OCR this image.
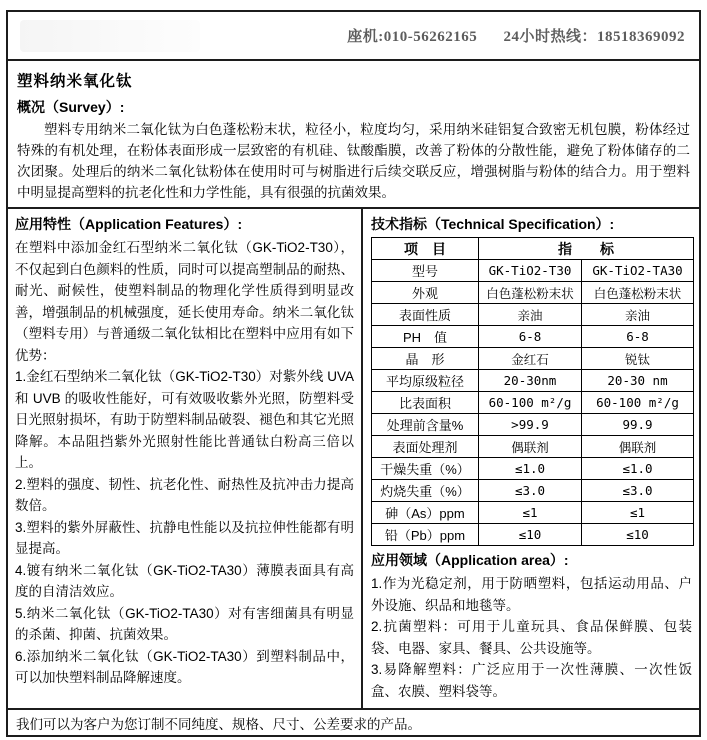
座机:010-56262165 24小时热线：18518369092
塑料纳米氧化钛
概况（Survey）:
塑料专用纳米二氧化钛为白色蓬松粉末状，粒径小，粒度均匀，采用纳米硅铝复合致密无机包膜，粉体经过特殊的有机处理，在粉体表面形成一层致密的有机硅、钛酸酯膜，改善了粉体的分散性能，避免了粉体储存的二次团聚。处理后的纳米二氧化钛粉体在使用时可与树脂进行后续交联反应，增强树脂与粉体的结合力。用于塑料中明显提高塑料的抗老化性和力学性能，具有很强的抗菌效果。
应用特性（Application Features）:
在塑料中添加金红石型纳米二氧化钛（GK-TiO2-T30），不仅起到白色颜料的性质，同时可以提高塑制品的耐热、耐光、耐候性，使塑料制品的物理化学性质得到明显改善，增强制品的机械强度，延长使用寿命。纳米二氧化钛（塑料专用）与普通级二氧化钛相比在塑料中应用有如下优势：

1.金红石型纳米二氧化钛（GK-TiO2-T30）对紫外线 UVA 和 UVB 的吸收性能好，可有效吸收紫外光照，防塑料受日光照射损坏，有助于防塑料制品破裂、褪色和其它光照降解。本品阻挡紫外光照射性能比普通钛白粉高三倍以上。

2.塑料的强度、韧性、抗老化性、耐热性及抗冲击力提高数倍。

3.塑料的紫外屏蔽性、抗静电性能以及抗拉伸性能都有明显提高。

4.镀有纳米二氧化钛（GK-TiO2-TA30）薄膜表面具有高度的自清洁效应。

5.纳米二氧化钛（GK-TiO2-TA30）对有害细菌具有明显的杀菌、抑菌、抗菌效果。

6.添加纳米二氧化钛（GK-TiO2-TA30）到塑料制品中，可以加快塑料制品降解速度。

技术指标（Technical Specification）:
项　目	指　　标	
型号	GK-TiO2-T30	GK-TiO2-TA30
外观	白色蓬松粉末状	白色蓬松粉末状
表面性质	亲油	亲油
PH　值	6-8	6-8
晶　形	金红石	锐钛
平均原级粒径	20-30nm	20-30 nm
比表面积	60-100 m²/g	60-100 m²/g
处理前含量%	>99.9	99.9
表面处理剂	偶联剂	偶联剂
干燥失重（%）	≤1.0	≤1.0
灼烧失重（%）	≤3.0	≤3.0
砷（As）ppm	≤1	≤1
铅（Pb）ppm	≤10	≤10
应用领域（Application area）:

1.作为光稳定剂，用于防晒塑料，包括运动用品、户外设施、织品和地毯等。

2.抗菌塑料：可用于儿童玩具、食品保鲜膜、包装袋、电器、家具、餐具、公共设施等。

3.易降解塑料：广泛应用于一次性薄膜、一次性饭盒、农膜、塑料袋等。

我们可以为客户为您订制不同纯度、规格、尺寸、公差要求的产品。
